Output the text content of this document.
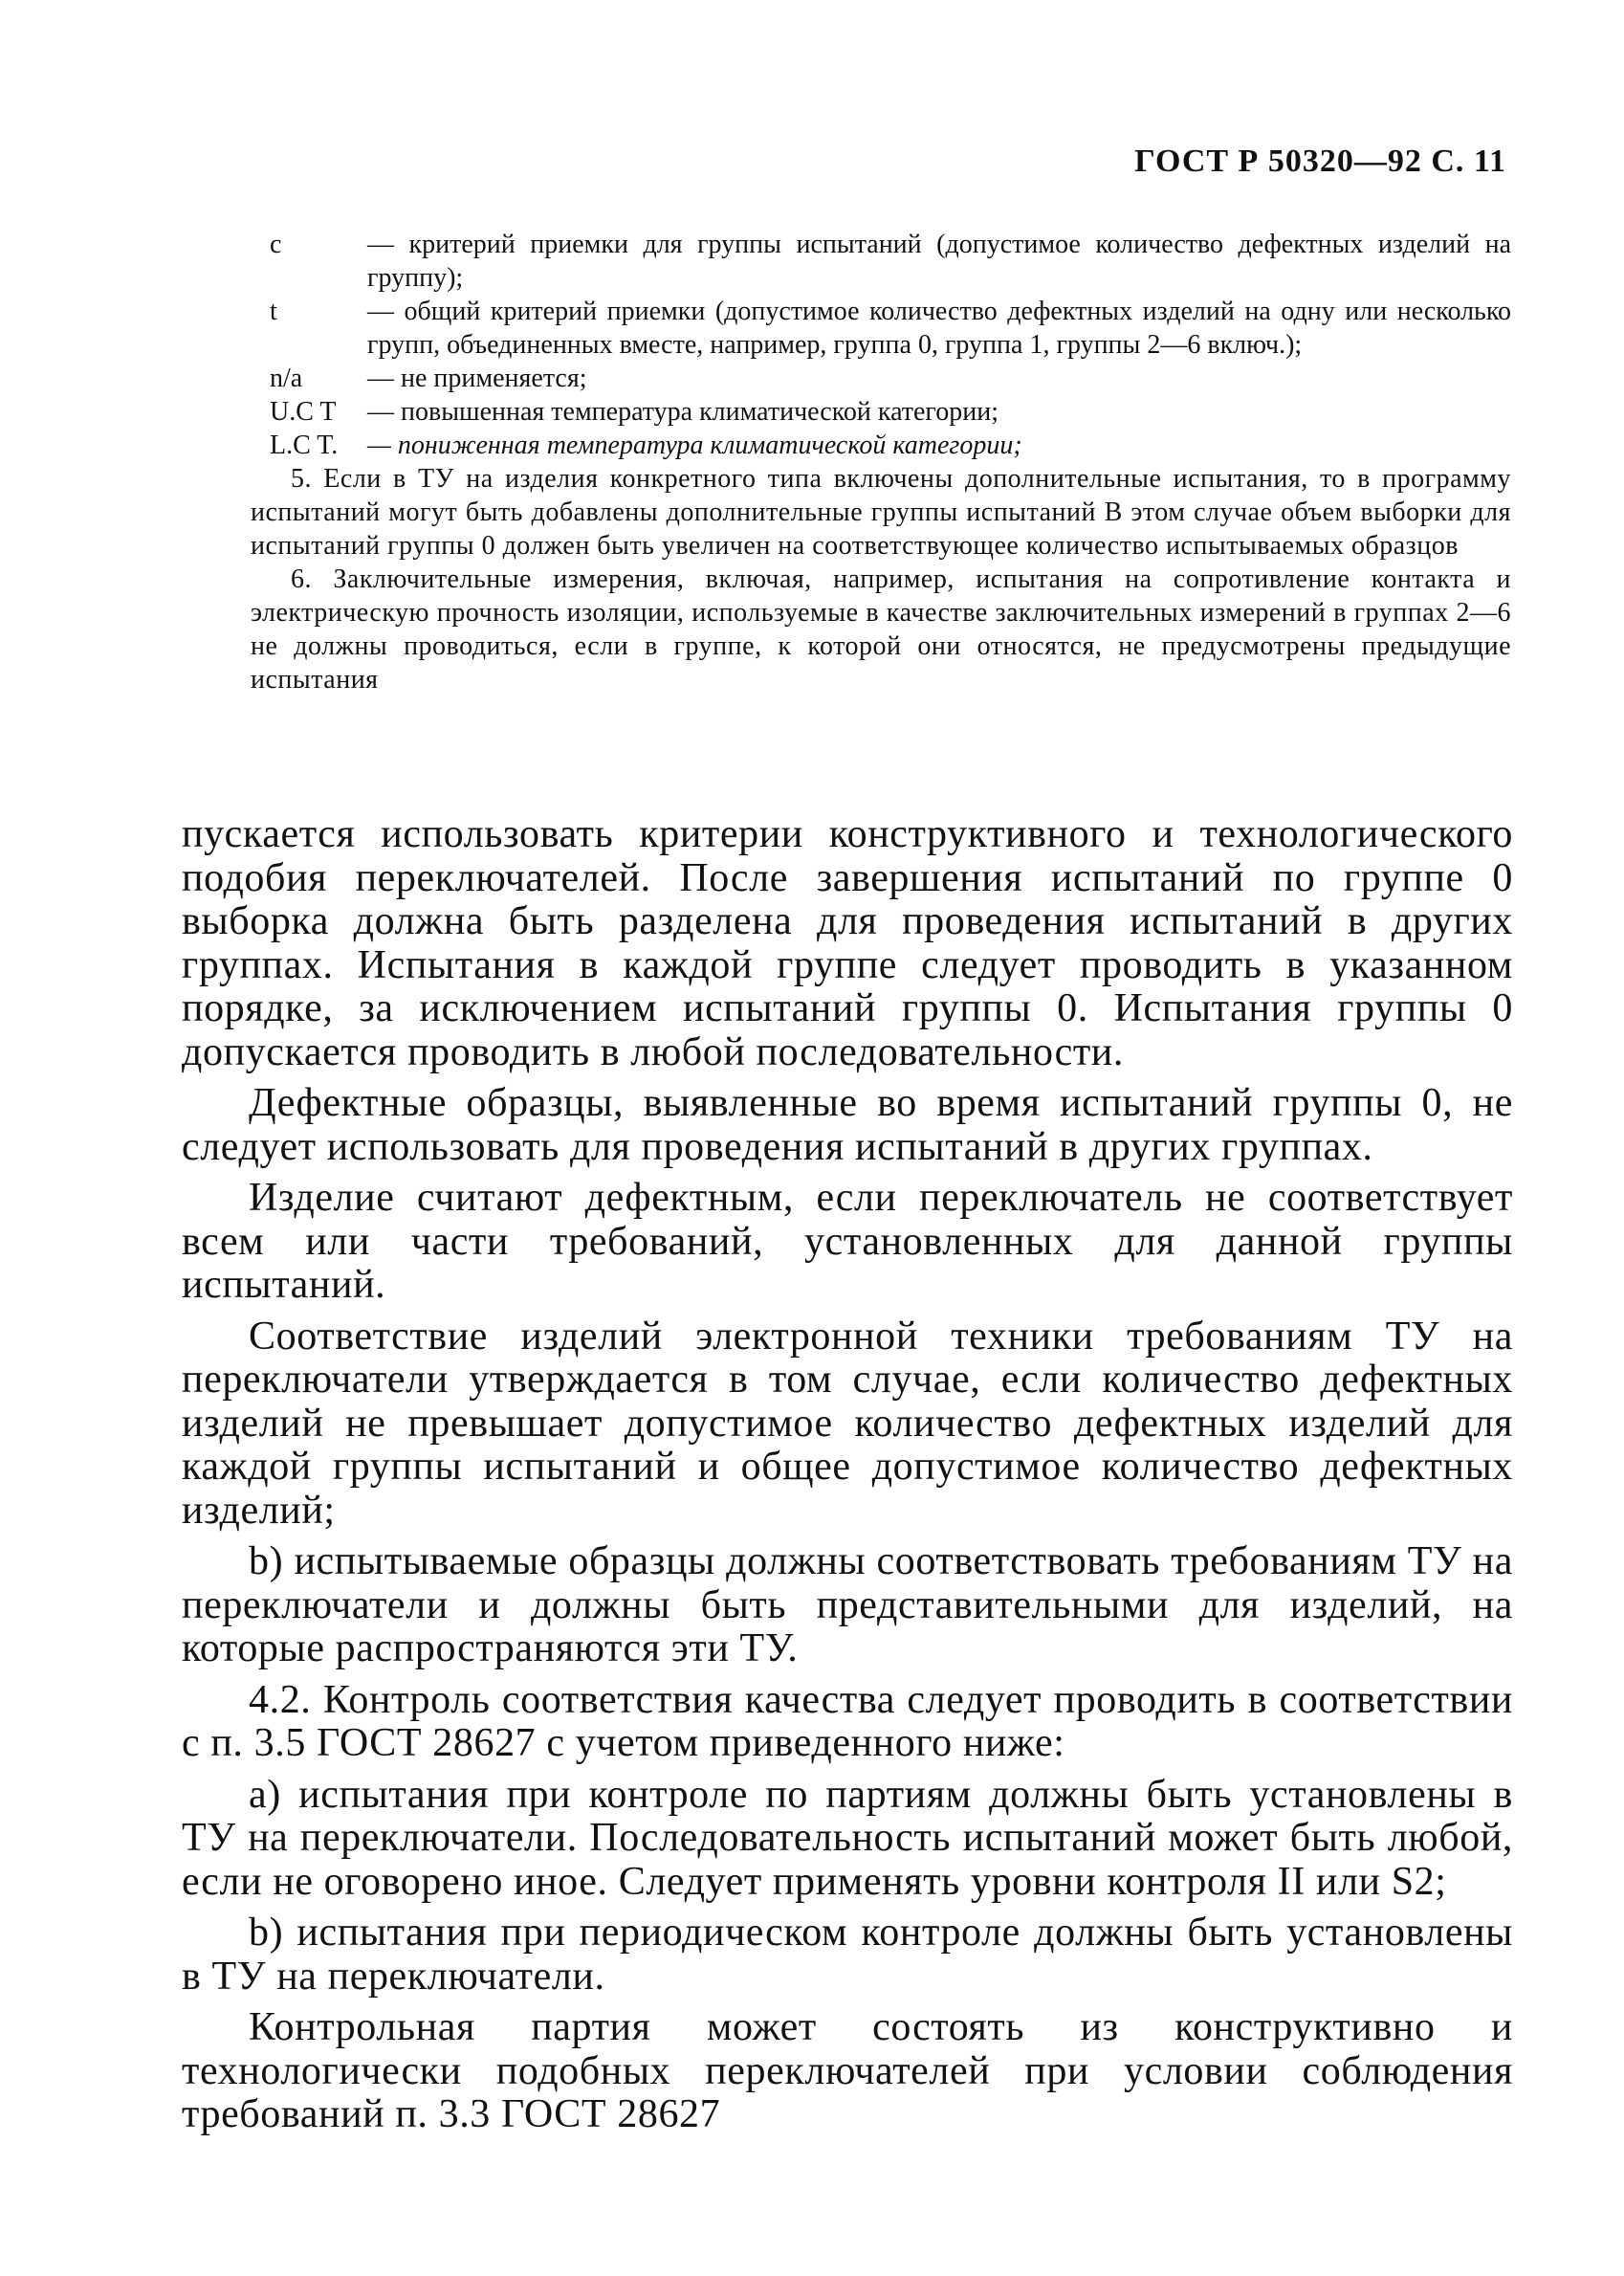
ГОСТ Р 50320—92 С. 11
c	— критерий приемки для группы испытаний (допустимое количество дефектных изделий на группу);
t	— общий критерий приемки (допустимое количество дефектных изделий на одну или несколько групп, объединенных вместе, например, группа 0, группа 1, группы 2—6 включ.);
n/a	— не применяется;
U.C T	— повышенная температура климатической категории;
L.C T.	— пониженная температура климатической категории;
5. Если в ТУ на изделия конкретного типа включены дополнительные испытания, то в программу испытаний могут быть добавлены дополнительные группы испытаний В этом случае объем выборки для испытаний группы 0 должен быть увеличен на соответствующее количество испытываемых образцов
6. Заключительные измерения, включая, например, испытания на сопротивление контакта и электрическую прочность изоляции, используемые в качестве заключительных измерений в группах 2—6 не должны проводиться, если в группе, к которой они относятся, не предусмотрены предыдущие испытания

пускается использовать критерии конструктивного и технологического подобия переключателей. После завершения испытаний по группе 0 выборка должна быть разделена для проведения испытаний в других группах. Испытания в каждой группе следует проводить в указанном порядке, за исключением испытаний группы 0. Испытания группы 0 допускается проводить в любой последовательности.

Дефектные образцы, выявленные во время испытаний группы 0, не следует использовать для проведения испытаний в других группах.

Изделие считают дефектным, если переключатель не соответствует всем или части требований, установленных для данной группы испытаний.

Соответствие изделий электронной техники требованиям ТУ на переключатели утверждается в том случае, если количество дефектных изделий не превышает допустимое количество дефектных изделий для каждой группы испытаний и общее допустимое количество дефектных изделий;

b) испытываемые образцы должны соответствовать требованиям ТУ на переключатели и должны быть представительными для изделий, на которые распространяются эти ТУ.

4.2. Контроль соответствия качества следует проводить в соответствии с п. 3.5 ГОСТ 28627 с учетом приведенного ниже:

а) испытания при контроле по партиям должны быть установлены в ТУ на переключатели. Последовательность испытаний может быть любой, если не оговорено иное. Следует применять уровни контроля II или S2;

b) испытания при периодическом контроле должны быть установлены в ТУ на переключатели.

Контрольная партия может состоять из конструктивно и технологически подобных переключателей при условии соблюдения требований п. 3.3 ГОСТ 28627
